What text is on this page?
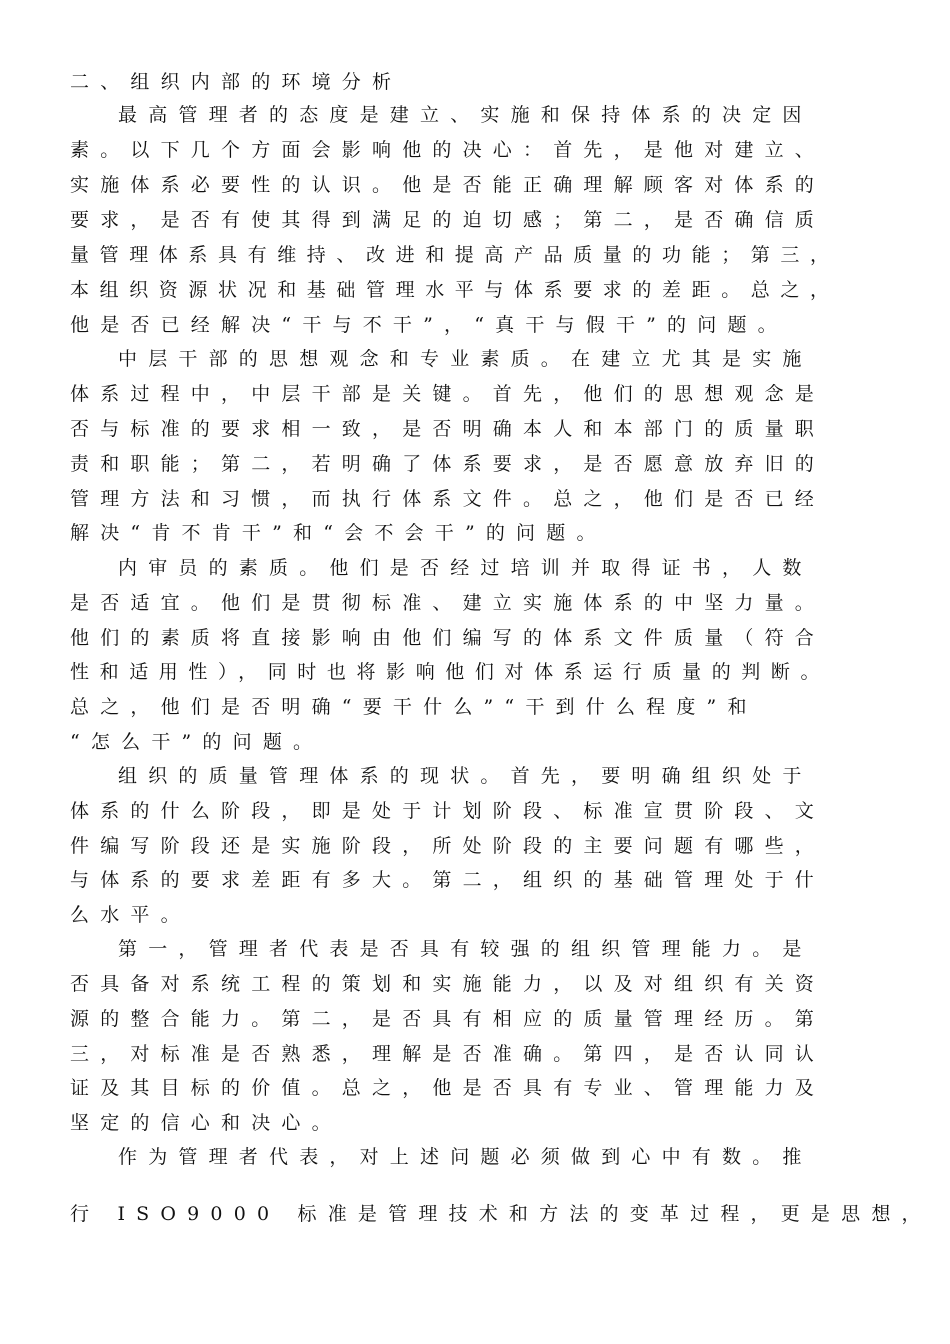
二、组织内部的环境分析
最高管理者的态度是建立、实施和保持体系的决定因
素。以下几个方面会影响他的决心：首先，是他对建立、
实施体系必要性的认识。他是否能正确理解顾客对体系的
要求，是否有使其得到满足的迫切感；第二，是否确信质
量管理体系具有维持、改进和提高产品质量的功能；第三，
本组织资源状况和基础管理水平与体系要求的差距。总之，
他是否已经解决“干与不干”，“真干与假干”的问题。
中层干部的思想观念和专业素质。在建立尤其是实施
体系过程中，中层干部是关键。首先，他们的思想观念是
否与标准的要求相一致，是否明确本人和本部门的质量职
责和职能；第二，若明确了体系要求，是否愿意放弃旧的
管理方法和习惯，而执行体系文件。总之，他们是否已经
解决“肯不肯干”和“会不会干”的问题。
内审员的素质。他们是否经过培训并取得证书，人数
是否适宜。他们是贯彻标准、建立实施体系的中坚力量。
他们的素质将直接影响由他们编写的体系文件质量（符合
性和适用性），同时也将影响他们对体系运行质量的判断。
总之，他们是否明确“要干什么”“干到什么程度”和
“怎么干”的问题。
组织的质量管理体系的现状。首先，要明确组织处于
体系的什么阶段，即是处于计划阶段、标准宣贯阶段、文
件编写阶段还是实施阶段，所处阶段的主要问题有哪些，
与体系的要求差距有多大。第二，组织的基础管理处于什
么水平。
第一，管理者代表是否具有较强的组织管理能力。是
否具备对系统工程的策划和实施能力，以及对组织有关资
源的整合能力。第二，是否具有相应的质量管理经历。第
三，对标准是否熟悉，理解是否准确。第四，是否认同认
证及其目标的价值。总之，他是否具有专业、管理能力及
坚定的信心和决心。
作为管理者代表，对上述问题必须做到心中有数。推
行 ISO9000 标准是管理技术和方法的变革过程，更是思想，
